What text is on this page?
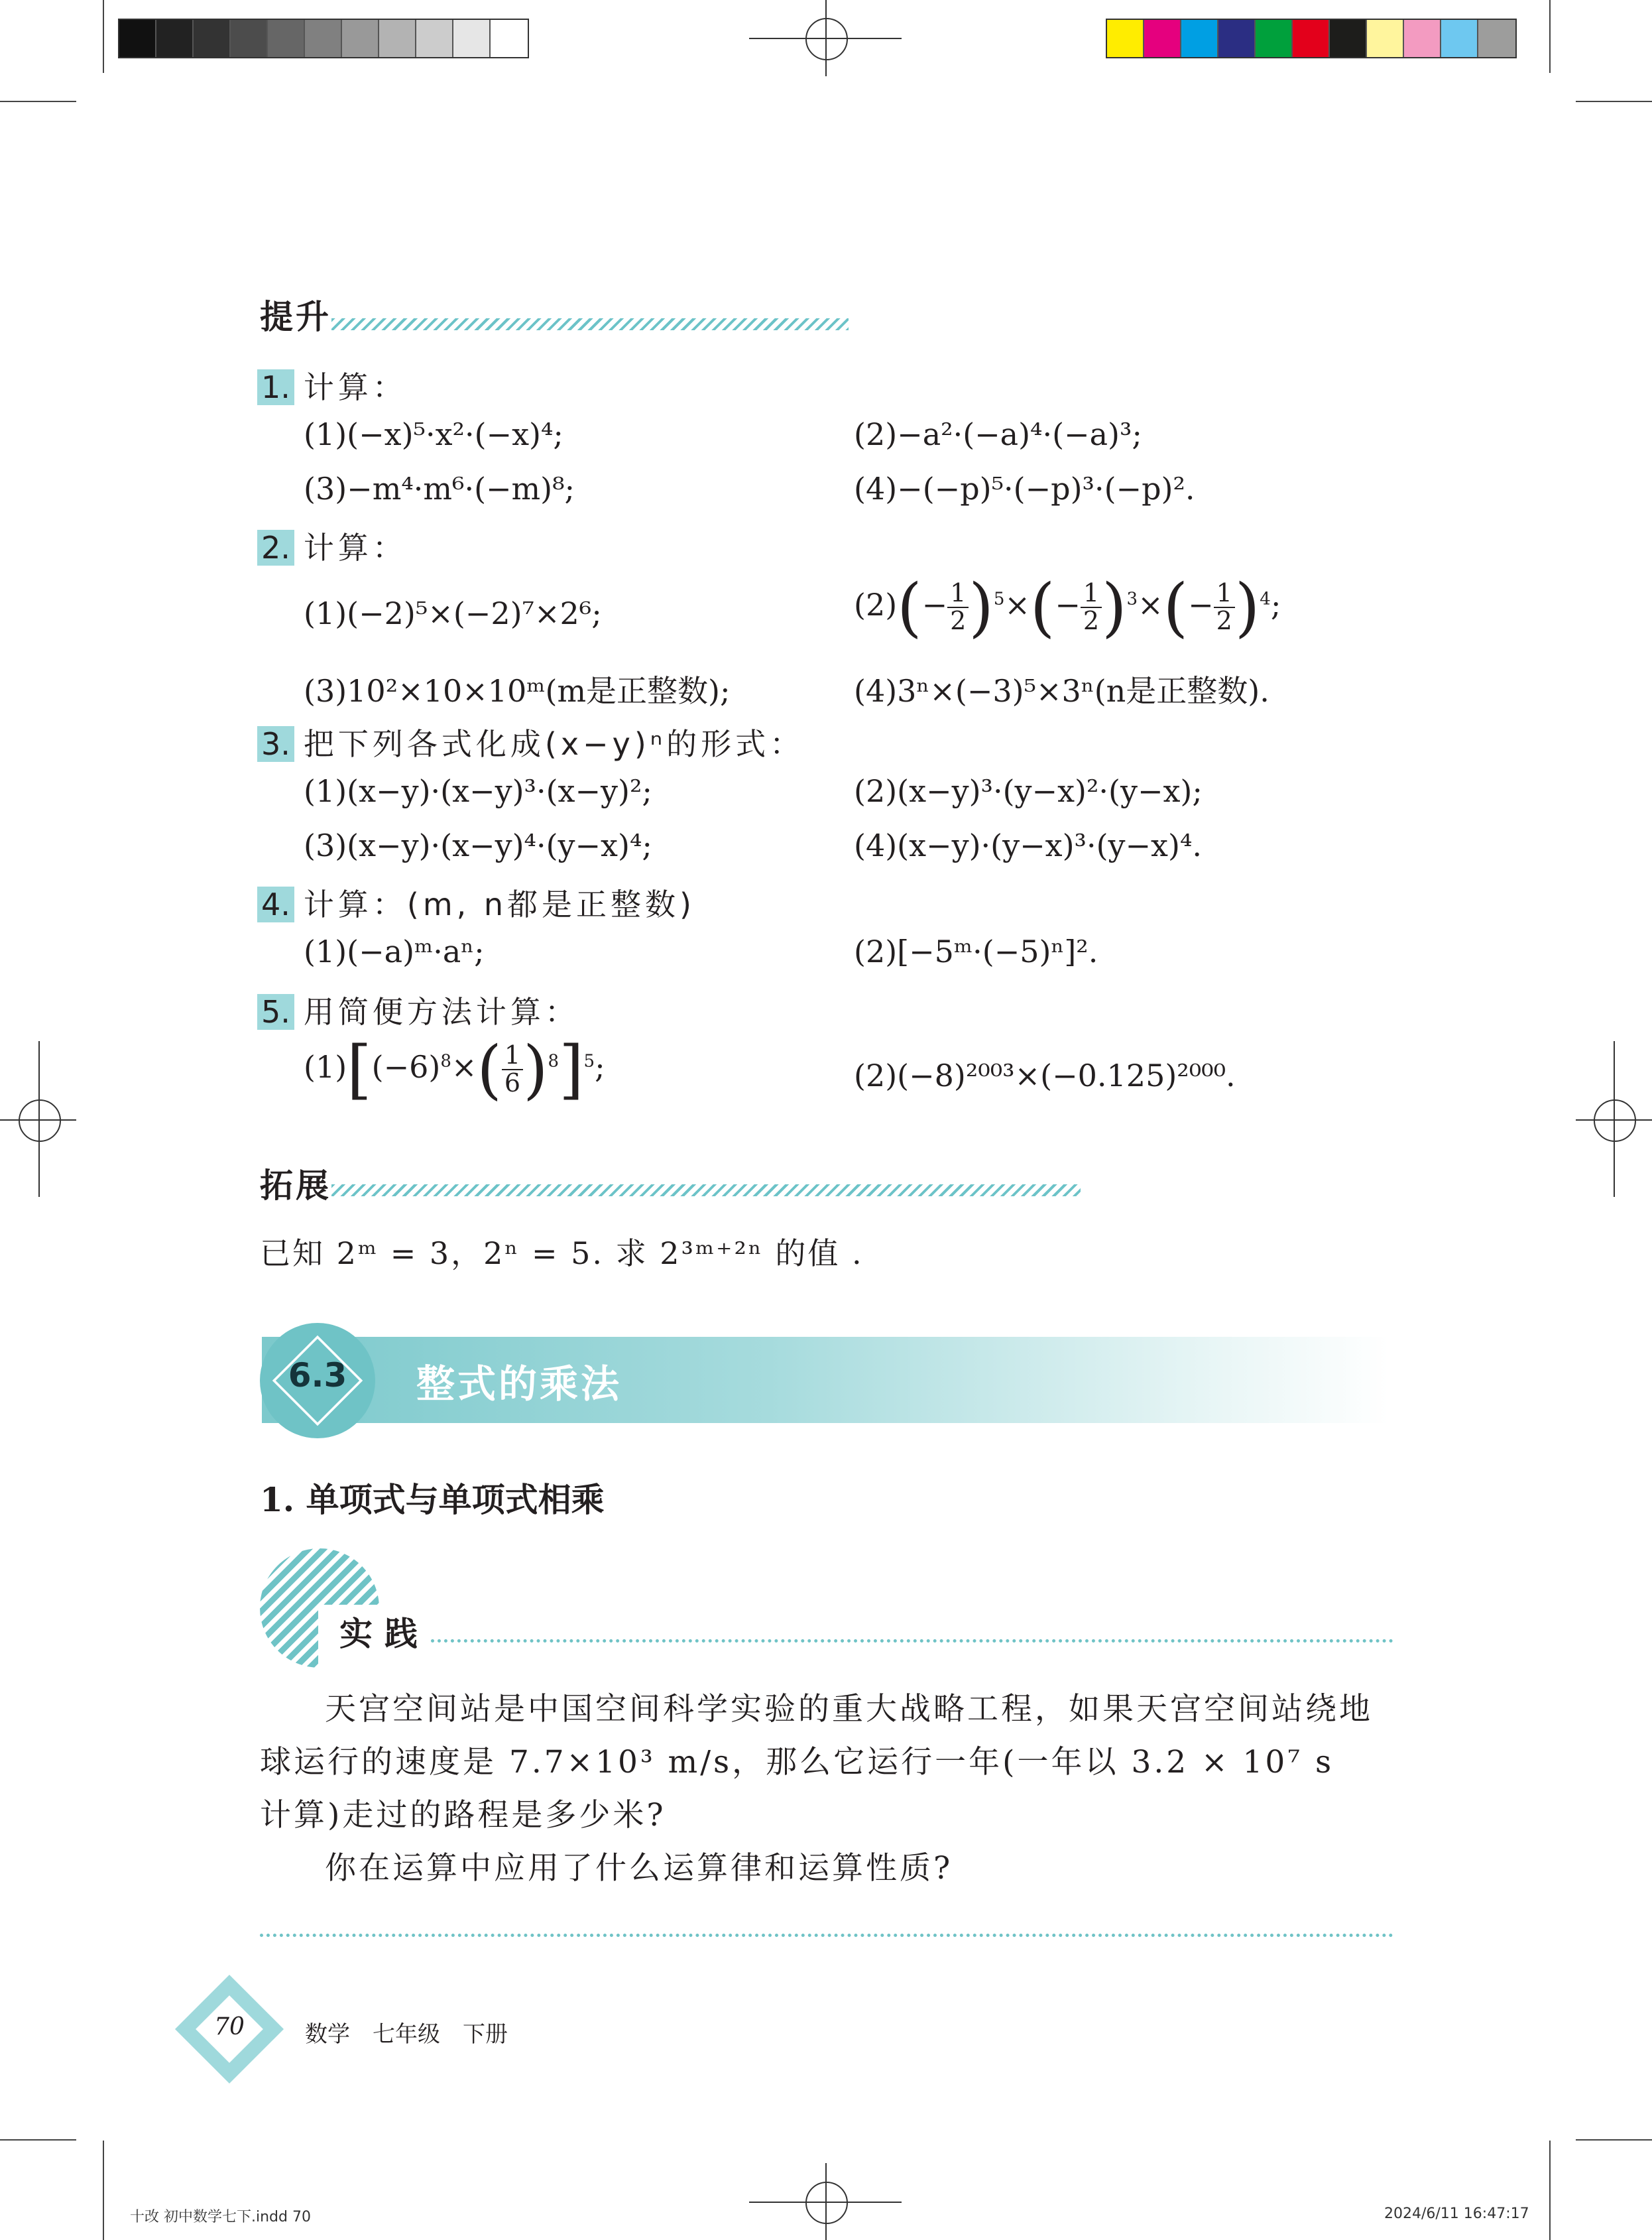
提升
1. 计算：
(1)(−x)⁵·x²·(−x)⁴;	(2)−a²·(−a)⁴·(−a)³;
(3)−m⁴·m⁶·(−m)⁸;	(4)−(−p)⁵·(−p)³·(−p)².
2. 计算：
(1)(−2)⁵×(−2)⁷×2⁶;	$(2)(- \frac{1}{2} )^5\times(- \frac{1}{2} )^3\times(- \frac{1}{2} )^4$;
(3)10²×10×10ᵐ(m是正整数);	(4)3ⁿ×(−3)⁵×3ⁿ(n是正整数).
3. 把下列各式化成(x−y)ⁿ的形式：
(1)(x−y)·(x−y)³·(x−y)²;	(2)(x−y)³·(y−x)²·(y−x);
(3)(x−y)·(x−y)⁴·(y−x)⁴;	(4)(x−y)·(y−x)³·(y−x)⁴.
4. 计算：(m, n都是正整数)
(1)(−a)ᵐ·aⁿ;	(2)[−5ᵐ·(−5)ⁿ]².
5. 用简便方法计算：
$(1)[(-6)^8\times( \frac{1}{6} )^8]^5$;	(2)(−8)²⁰⁰³×(−0.125)²⁰⁰⁰.
拓展
已知 2ᵐ = 3，2ⁿ = 5. 求 2³ᵐ⁺²ⁿ 的值 .
6.3	整式的乘法
1. 单项式与单项式相乘
实践
天宫空间站是中国空间科学实验的重大战略工程，如果天宫空间站绕地球运行的速度是 7.7×10³ m/s，那么它运行一年(一年以 3.2 × 10⁷ s 计算)走过的路程是多少米?
你在运算中应用了什么运算律和运算性质?
70	数学　七年级　下册
十改 初中数学七下.indd 70	2024/6/11 16:47:17
